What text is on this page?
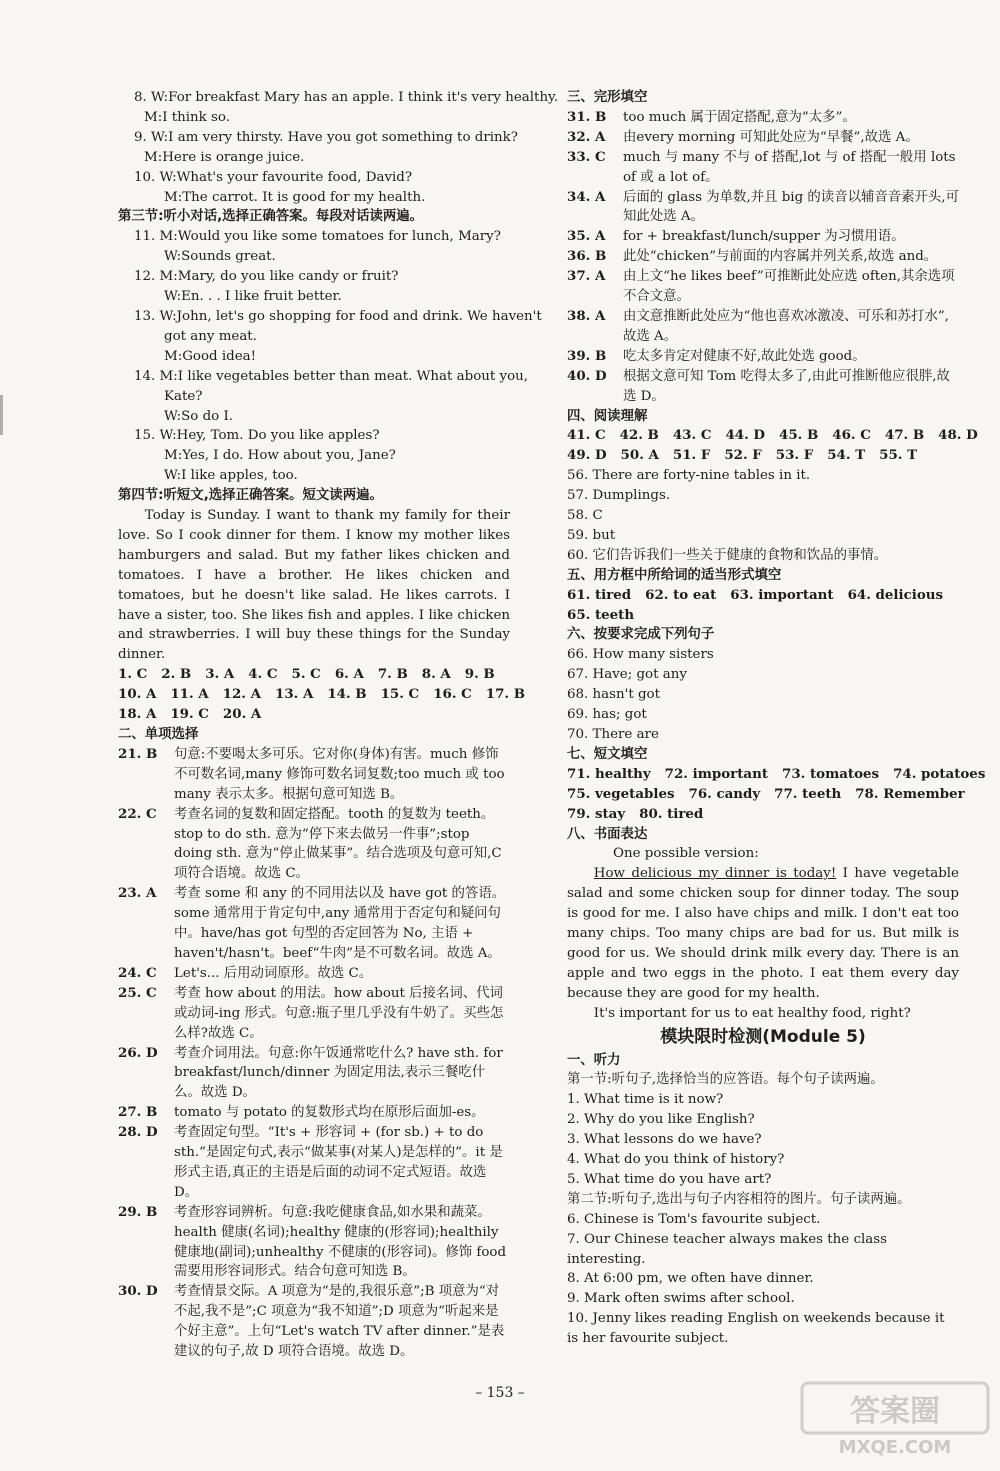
8. W:For breakfast Mary has an apple. I think it's very healthy.
M:I think so.
9. W:I am very thirsty. Have you got something to drink?
M:Here is orange juice.
10. W:What's your favourite food, David?
M:The carrot. It is good for my health.
第三节:听小对话,选择正确答案。每段对话读两遍。
11. M:Would you like some tomatoes for lunch, Mary?
W:Sounds great.
12. M:Mary, do you like candy or fruit?
W:En. . . I like fruit better.
13. W:John, let's go shopping for food and drink. We haven't
got any meat.
M:Good idea!
14. M:I like vegetables better than meat. What about you,
Kate?
W:So do I.
15. W:Hey, Tom. Do you like apples?
M:Yes, I do. How about you, Jane?
W:I like apples, too.
第四节:听短文,选择正确答案。短文读两遍。
Today is Sunday. I want to thank my family for their love. So I cook dinner for them. I know my mother likes hamburgers and salad. But my father likes chicken and tomatoes. I have a brother. He likes chicken and tomatoes, but he doesn't like salad. He likes carrots. I have a sister, too. She likes fish and apples. I like chicken and strawberries. I will buy these things for the Sunday dinner.
1. C   2. B   3. A   4. C   5. C   6. A   7. B   8. A   9. B
10. A   11. A   12. A   13. A   14. B   15. C   16. C   17. B
18. A   19. C   20. A
二、单项选择
21. B	句意:不要喝太多可乐。它对你(身体)有害。much 修饰不可数名词,many 修饰可数名词复数;too much 或 too many 表示太多。根据句意可知选 B。
22. C	考查名词的复数和固定搭配。tooth 的复数为 teeth。stop to do sth. 意为“停下来去做另一件事”;stop doing sth. 意为“停止做某事”。结合选项及句意可知,C 项符合语境。故选 C。
23. A	考查 some 和 any 的不同用法以及 have got 的答语。some 通常用于肯定句中,any 通常用于否定句和疑问句中。have/has got 句型的否定回答为 No, 主语 + haven't/hasn't。beef“牛肉”是不可数名词。故选 A。
24. C	Let's... 后用动词原形。故选 C。
25. C	考查 how about 的用法。how about 后接名词、代词或动词-ing 形式。句意:瓶子里几乎没有牛奶了。买些怎么样?故选 C。
26. D	考查介词用法。句意:你午饭通常吃什么? have sth. for breakfast/lunch/dinner 为固定用法,表示三餐吃什么。故选 D。
27. B	tomato 与 potato 的复数形式均在原形后面加-es。
28. D	考查固定句型。“It's + 形容词 + (for sb.) + to do sth.”是固定句式,表示“做某事(对某人)是怎样的”。it 是形式主语,真正的主语是后面的动词不定式短语。故选 D。
29. B	考查形容词辨析。句意:我吃健康食品,如水果和蔬菜。health 健康(名词);healthy 健康的(形容词);healthily 健康地(副词);unhealthy 不健康的(形容词)。修饰 food 需要用形容词形式。结合句意可知选 B。
30. D	考查情景交际。A 项意为“是的,我很乐意”;B 项意为“对不起,我不是”;C 项意为“我不知道”;D 项意为“听起来是个好主意”。上句“Let's watch TV after dinner.”是表建议的句子,故 D 项符合语境。故选 D。
三、完形填空
31. B	too much 属于固定搭配,意为“太多”。
32. A	由every morning 可知此处应为“早餐”,故选 A。
33. C	much 与 many 不与 of 搭配,lot 与 of 搭配一般用 lots of 或 a lot of。
34. A	后面的 glass 为单数,并且 big 的读音以辅音音素开头,可知此处选 A。
35. A	for + breakfast/lunch/supper 为习惯用语。
36. B	此处“chicken”与前面的内容属并列关系,故选 and。
37. A	由上文“he likes beef”可推断此处应选 often,其余选项不合文意。
38. A	由文意推断此处应为“他也喜欢冰激凌、可乐和苏打水”,故选 A。
39. B	吃太多肯定对健康不好,故此处选 good。
40. D	根据文意可知 Tom 吃得太多了,由此可推断他应很胖,故选 D。
四、阅读理解
41. C   42. B   43. C   44. D   45. B   46. C   47. B   48. D
49. D   50. A   51. F   52. F   53. F   54. T   55. T
56. There are forty-nine tables in it.
57. Dumplings.
58. C
59. but
60. 它们告诉我们一些关于健康的食物和饮品的事情。
五、用方框中所给词的适当形式填空
61. tired   62. to eat   63. important   64. delicious
65. teeth
六、按要求完成下列句子
66. How many sisters
67. Have; got any
68. hasn't got
69. has; got
70. There are
七、短文填空
71. healthy   72. important   73. tomatoes   74. potatoes
75. vegetables   76. candy   77. teeth   78. Remember
79. stay   80. tired
八、书面表达
One possible version:
How delicious my dinner is today! I have vegetable salad and some chicken soup for dinner today. The soup is good for me. I also have chips and milk. I don't eat too many chips. Too many chips are bad for us. But milk is good for us. We should drink milk every day. There is an apple and two eggs in the photo. I eat them every day because they are good for my health.
It's important for us to eat healthy food, right?
模块限时检测(Module 5)
一、听力
第一节:听句子,选择恰当的应答语。每个句子读两遍。
1. What time is it now?
2. Why do you like English?
3. What lessons do we have?
4. What do you think of history?
5. What time do you have art?
第二节:听句子,选出与句子内容相符的图片。句子读两遍。
6. Chinese is Tom's favourite subject.
7. Our Chinese teacher always makes the class interesting.
8. At 6:00 pm, we often have dinner.
9. Mark often swims after school.
10. Jenny likes reading English on weekends because it is her favourite subject.
– 153 –
答案圈
MXQE.COM
